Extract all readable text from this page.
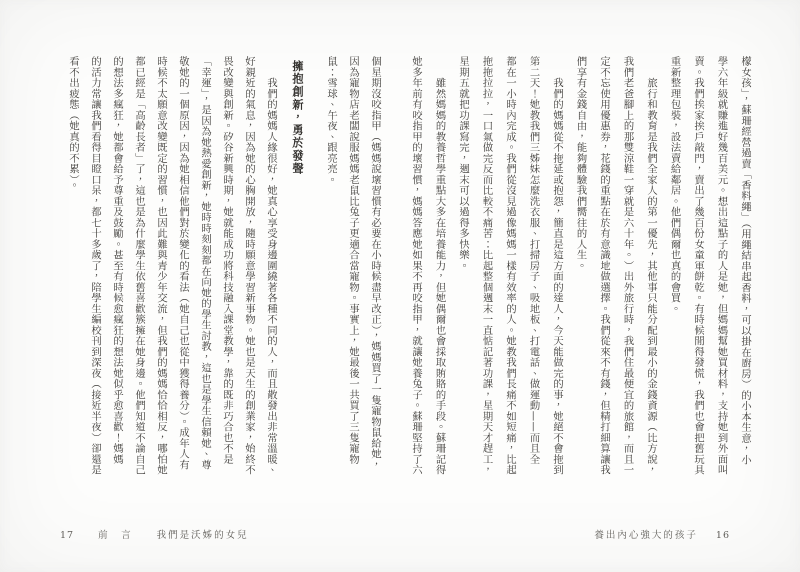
檬女孩」，蘇珊經營過賣「香料繩」（用繩結串起香料，可以掛在廚房）的小本生意，小
學六年級就賺進好幾百美元。想出這點子的人是她，但媽媽幫她買材料，支持她到外面叫
賣。我們挨家挨戶敲門，賣出了幾百份女童軍餅乾。有時候閒得發慌，我們也會把舊玩具
重新整理包裝，設法賣給鄰居。他們偶爾也真的會買。
　　旅行和教育是我們全家人的第一優先，其他事只能分配到最小的金錢資源（比方說，
我們老爸腳上的那雙涼鞋一穿就是六十年。）出外旅行時，我們住最便宜的旅館，而且一
定不忘使用優惠券，花錢的重點在於有意識地做選擇。我們從來不有錢，但精打細算讓我
們享有金錢自由，能夠體驗我們嚮往的人生。
　　我們的媽媽從不拖延或抱怨，簡直是這方面的達人，今天能做完的事，她絕不會拖到
第二天！她教我們三姊妹怎麼洗衣服、打掃房子、吸地板、打電話、做運動——而且全
都在一小時內完成。我們從沒見過像媽媽一樣有效率的人。她教我們長痛不如短痛，比起
拖拖拉拉，一口氣做完反而比較不痛苦：比起整個週末一直惦記著功課，星期天才趕工，
星期五就把功課寫完，週末可以過得多快樂。
　　雖然媽媽的教養哲學重點大多在培養能力，但她偶爾也會採取賄賂的手段。蘇珊記得
她多年前有咬指甲的壞習慣，媽媽答應她如果不再咬指甲，就讓她養兔子。蘇珊堅持了六
個星期沒咬指甲（媽媽說壞習慣有必要在小時候盡早改正），媽媽買了一隻寵物鼠給她，
因為寵物店老闆說服媽媽老鼠比兔子更適合當寵物。事實上，她最後一共買了三隻寵物
鼠：雪球、午夜、跟亮亮。
擁抱創新，勇於發聲
　　我們的媽媽人緣很好，她真心享受身邊圍繞著各種不同的人，而且散發出非常溫暖、
好親近的氣息，因為她的心胸開放，隨時願意學習新事物。她也是天生的創業家，始終不
畏改變與創新。矽谷新興時期，她就能成功將科技融入課堂教學，靠的既非巧合也不是
「幸運」，是因為她熱愛創新，她時時刻刻都在向她的學生討教，這也是學生信賴她、尊
敬她的一個原因，因為她相信他們對於變化的看法（她自己也從中獲得養分）。成年人有
時候不太願意改變既定的習慣，也因此難與青少年交流，但我們的媽媽恰恰相反，哪怕她
都已經是「高齡長者」了，這也是為什麼學生依舊喜歡簇擁在她身邊。他們知道不論自己
的想法多瘋狂，她都會給予尊重及鼓勵。甚至有時候愈瘋狂的想法她似乎愈喜歡！媽媽
的活力常讓我們看得目瞪口呆，都七十多歲了，陪學生編校刊到深夜（接近半夜）卻還是
看不出疲態（她真的不累）。
養出內心強大的孩子 16
17	前　言	我們是沃姊的女兒
